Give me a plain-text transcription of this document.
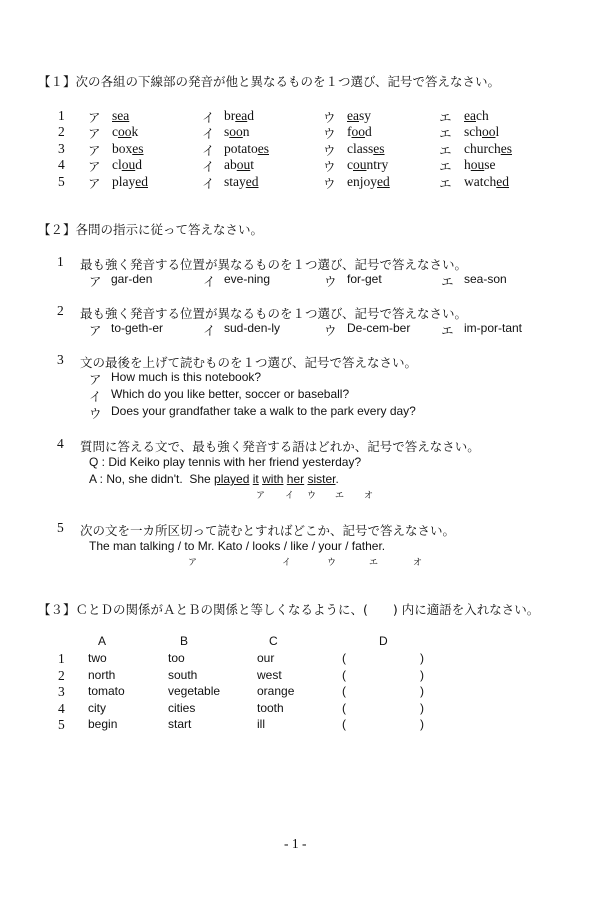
【１】次の各組の下線部の発音が他と異なるものを１つ選び、記号で答えなさい。
1 ア sea	イ bread	ウ easy	エ each
2 ア cook	イ soon	ウ food	エ school
3 ア boxes	イ potatoes	ウ classes	エ churches
4 ア cloud	イ about	ウ country	エ house
5 ア played	イ stayed	ウ enjoyed	エ watched
【２】各問の指示に従って答えなさい。
1 最も強く発音する位置が異なるものを１つ選び、記号で答えなさい。
ア gar-den	イ eve-ning	ウ for-get	エ sea-son
2 最も強く発音する位置が異なるものを１つ選び、記号で答えなさい。
ア to-geth-er	イ sud-den-ly	ウ De-cem-ber エ im-por-tant
3 文の最後を上げて読むものを１つ選び、記号で答えなさい。
ア How much is this notebook?
イ Which do you like better, soccer or baseball?
ウ Does your grandfather take a walk to the park every day?
4 質問に答える文で、最も強く発音する語はどれか、記号で答えなさい。
Q : Did Keiko play tennis with her friend yesterday?
A : No, she didn't.  She played it with her sister.
ア イ ウ エ オ
5 次の文を一カ所区切って読むとすればどこか、記号で答えなさい。
The man talking / to Mr. Kato / looks / like / your / father.
ア	イ	ウ	エ	オ
【３】ＣとＤの関係がＡとＢの関係と等しくなるように、(　　) 内に適語を入れなさい。
A	B	C	D
1 two	too	our	(	)
2 north	south	west	(	)
3 tomato	vegetable	orange	(	)
4 city	cities	tooth	(	)
5 begin	start	ill	(	)
- 1 -
